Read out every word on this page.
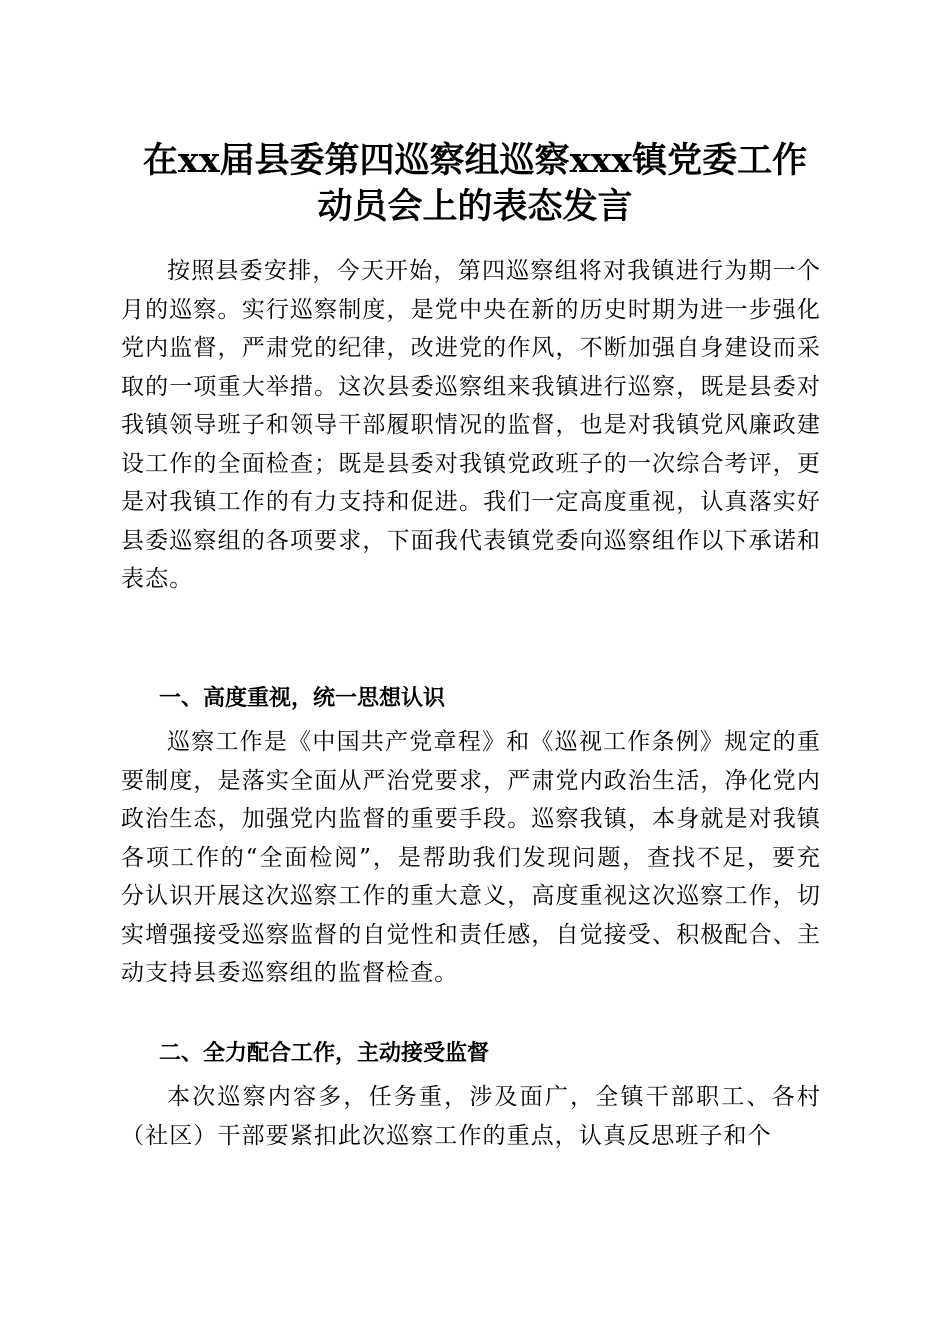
在xx届县委第四巡察组巡察xxx镇党委工作
动员会上的表态发言

按照县委安排，今天开始，第四巡察组将对我镇进行为期一个月的巡察。实行巡察制度，是党中央在新的历史时期为进一步强化党内监督，严肃党的纪律，改进党的作风，不断加强自身建设而采取的一项重大举措。这次县委巡察组来我镇进行巡察，既是县委对我镇领导班子和领导干部履职情况的监督，也是对我镇党风廉政建设工作的全面检查；既是县委对我镇党政班子的一次综合考评，更是对我镇工作的有力支持和促进。我们一定高度重视，认真落实好县委巡察组的各项要求，下面我代表镇党委向巡察组作以下承诺和表态。

一、高度重视，统一思想认识

巡察工作是《中国共产党章程》和《巡视工作条例》规定的重要制度，是落实全面从严治党要求，严肃党内政治生活，净化党内政治生态，加强党内监督的重要手段。巡察我镇，本身就是对我镇各项工作的“全面检阅”，是帮助我们发现问题，查找不足，要充分认识开展这次巡察工作的重大意义，高度重视这次巡察工作，切实增强接受巡察监督的自觉性和责任感，自觉接受、积极配合、主动支持县委巡察组的监督检查。

二、全力配合工作，主动接受监督

本次巡察内容多，任务重，涉及面广，全镇干部职工、各村（社区）干部要紧扣此次巡察工作的重点，认真反思班子和个
